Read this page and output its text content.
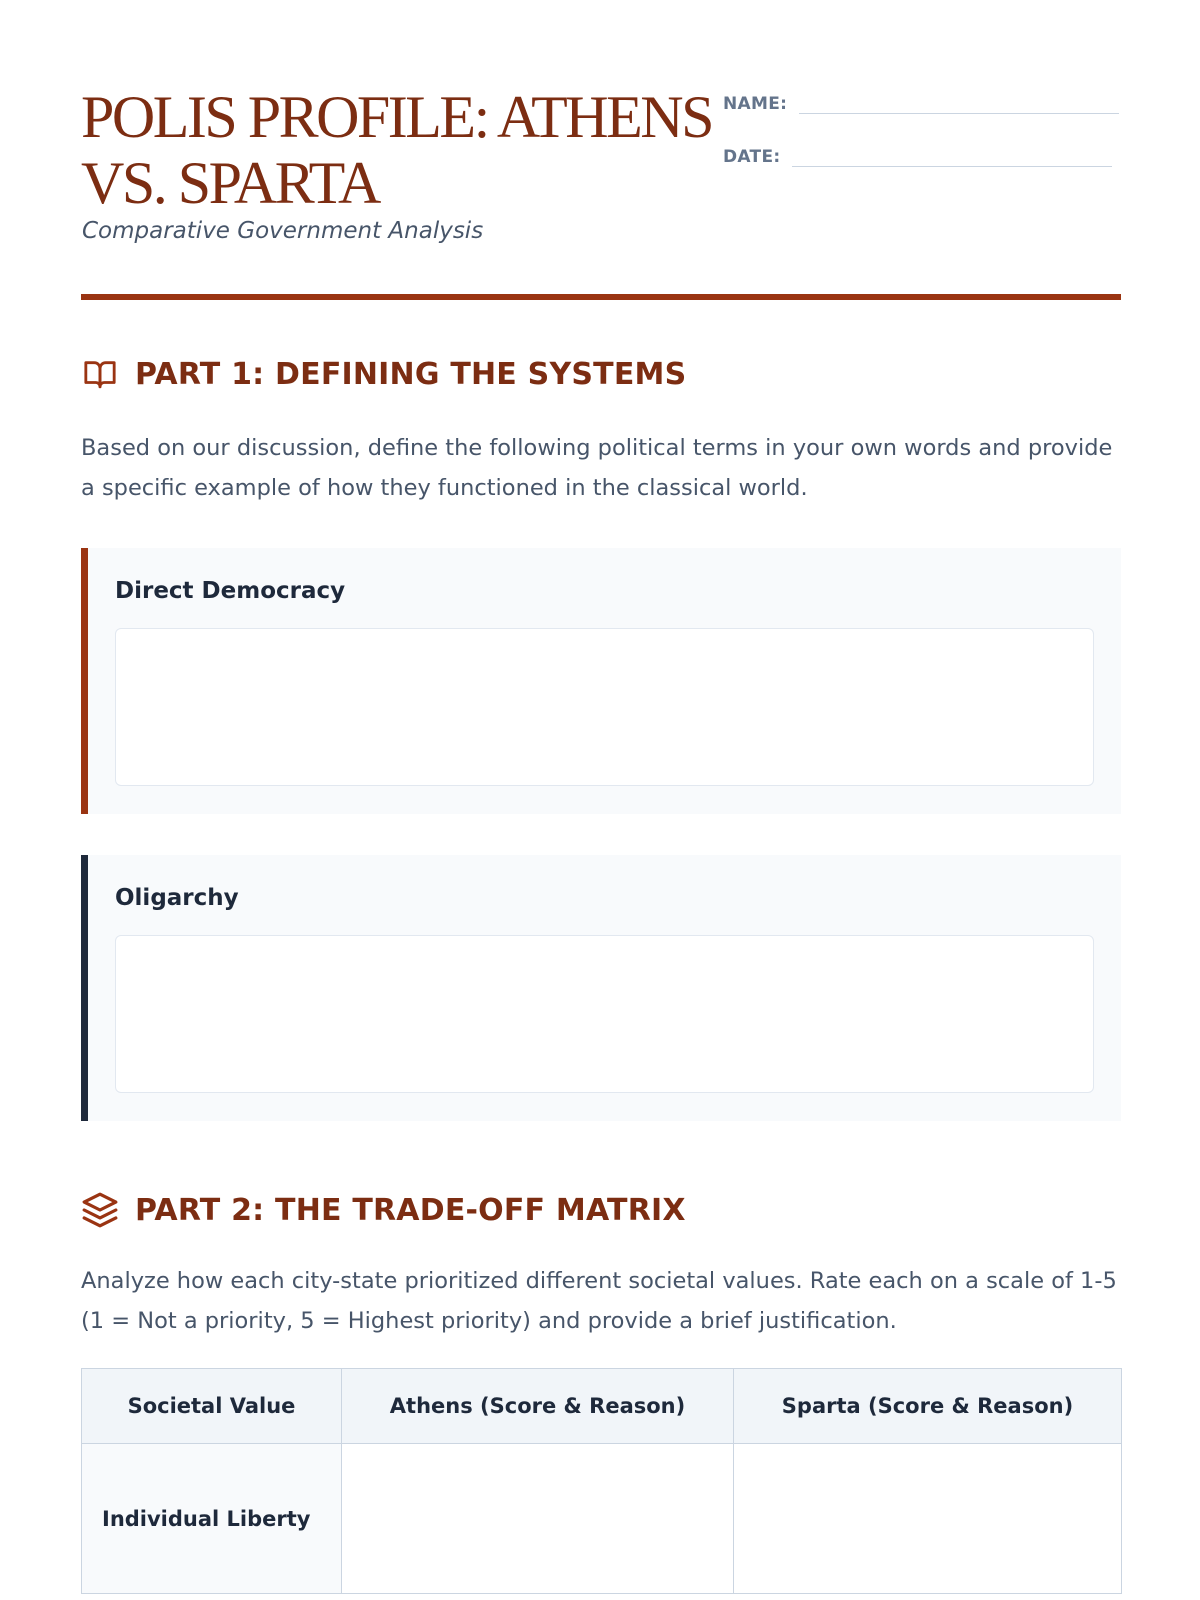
POLIS PROFILE: ATHENS VS. SPARTA
Comparative Government Analysis
NAME:
DATE:
PART 1: DEFINING THE SYSTEMS

Based on our discussion, define the following political terms in your own words and provide a specific example of how they functioned in the classical world.

Direct Democracy
Oligarchy
PART 2: THE TRADE-OFF MATRIX

Analyze how each city-state prioritized different societal values. Rate each on a scale of 1-5 (1 = Not a priority, 5 = Highest priority) and provide a brief justification.

Societal Value	Athens (Score & Reason)	Sparta (Score & Reason)
Individual Liberty		
